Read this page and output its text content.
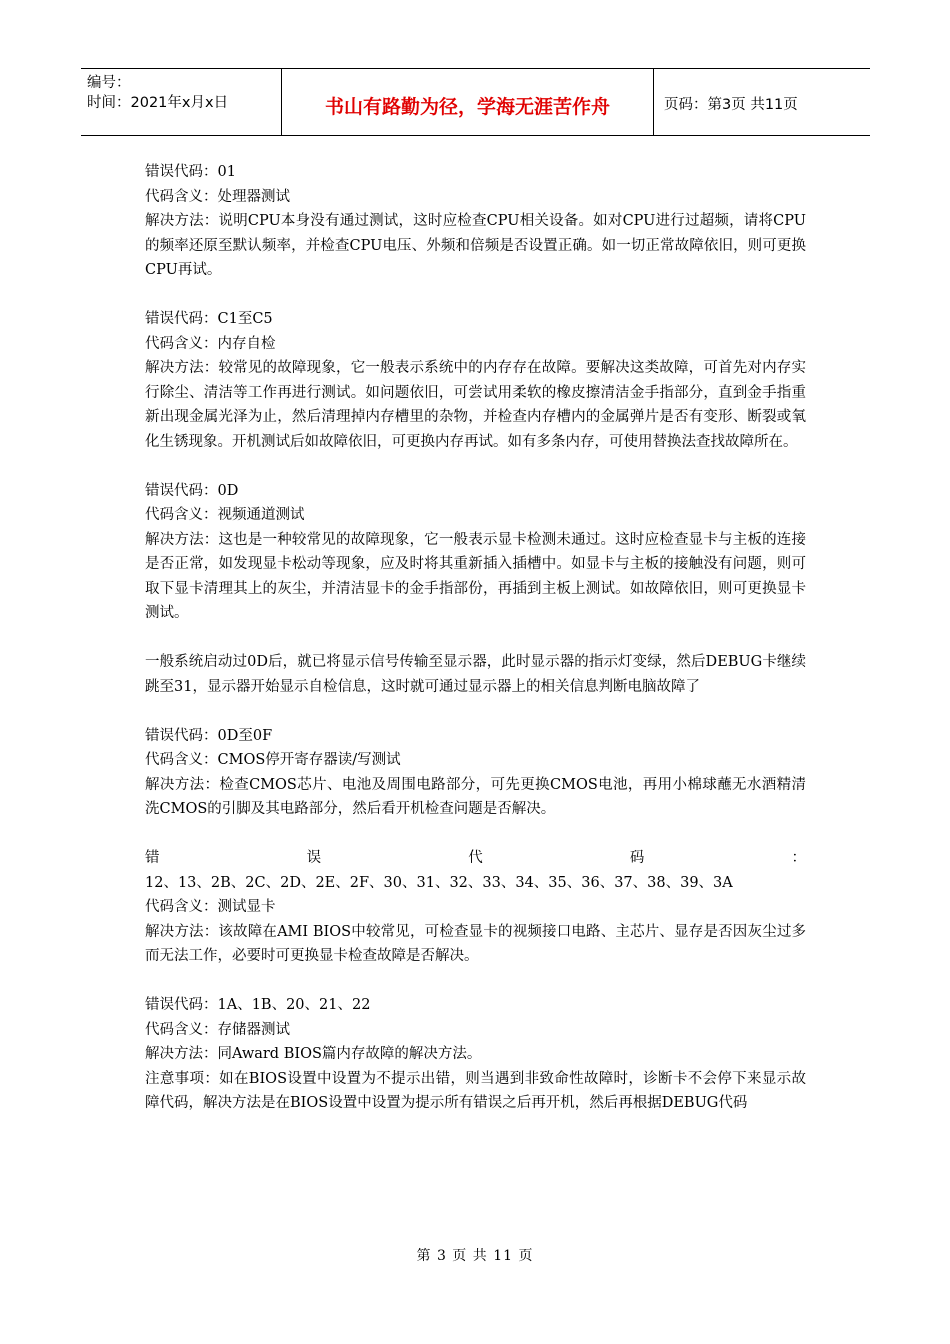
编号：
时间：2021年x月x日	书山有路勤为径，学海无涯苦作舟	页码：第3页 共11页

错误代码：01

代码含义：处理器测试

解决方法：说明CPU本身没有通过测试，这时应检查CPU相关设备。如对CPU进行过超频，请将CPU的频率还原至默认频率，并检查CPU电压、外频和倍频是否设置正确。如一切正常故障依旧，则可更换CPU再试。

错误代码：C1至C5

代码含义：内存自检

解决方法：较常见的故障现象，它一般表示系统中的内存存在故障。要解决这类故障，可首先对内存实行除尘、清洁等工作再进行测试。如问题依旧，可尝试用柔软的橡皮擦清洁金手指部分，直到金手指重新出现金属光泽为止，然后清理掉内存槽里的杂物，并检查内存槽内的金属弹片是否有变形、断裂或氧化生锈现象。开机测试后如故障依旧，可更换内存再试。如有多条内存，可使用替换法查找故障所在。

错误代码：0D

代码含义：视频通道测试

解决方法：这也是一种较常见的故障现象，它一般表示显卡检测未通过。这时应检查显卡与主板的连接是否正常，如发现显卡松动等现象，应及时将其重新插入插槽中。如显卡与主板的接触没有问题，则可取下显卡清理其上的灰尘，并清洁显卡的金手指部份，再插到主板上测试。如故障依旧，则可更换显卡测试。

一般系统启动过0D后，就已将显示信号传输至显示器，此时显示器的指示灯变绿，然后DEBUG卡继续跳至31，显示器开始显示自检信息，这时就可通过显示器上的相关信息判断电脑故障了

错误代码：0D至0F

代码含义：CMOS停开寄存器读/写测试

解决方法：检查CMOS芯片、电池及周围电路部分，可先更换CMOS电池，再用小棉球蘸无水酒精清洗CMOS的引脚及其电路部分，然后看开机检查问题是否解决。

错	误	代	码	：

12、13、2B、2C、2D、2E、2F、30、31、32、33、34、35、36、37、38、39、3A

代码含义：测试显卡

解决方法：该故障在AMI BIOS中较常见，可检查显卡的视频接口电路、主芯片、显存是否因灰尘过多而无法工作，必要时可更换显卡检查故障是否解决。

错误代码：1A、1B、20、21、22

代码含义：存储器测试

解决方法：同Award BIOS篇内存故障的解决方法。

注意事项：如在BIOS设置中设置为不提示出错，则当遇到非致命性故障时，诊断卡不会停下来显示故障代码，解决方法是在BIOS设置中设置为提示所有错误之后再开机，然后再根据DEBUG代码

第 3 页 共 11 页
